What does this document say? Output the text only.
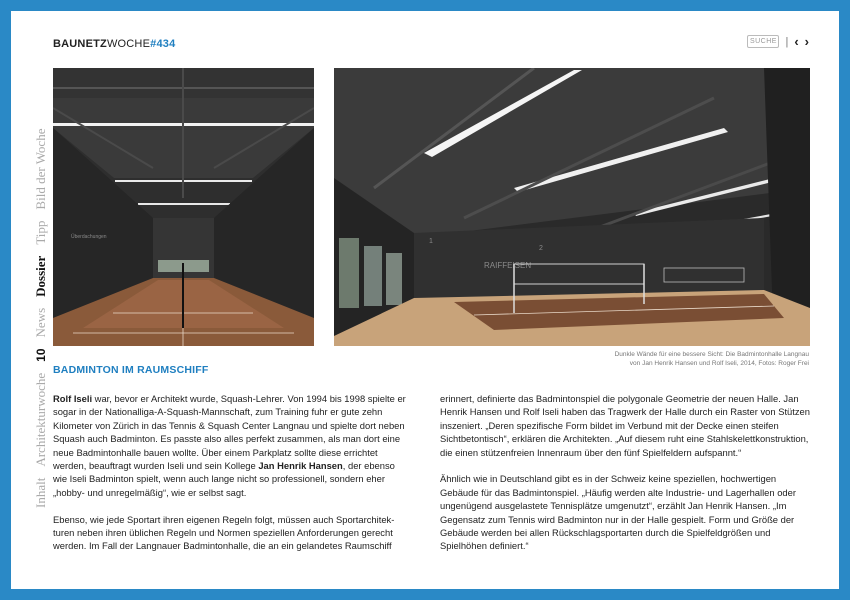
BAUNETZWOCHE#434	SUCHE | ‹ ›
Inhalt
Architekturwoche
10
News
Dossier
Tipp
Bild der Woche
Überdachungen
RAIFFEISEN
1
2
Dunkle Wände für eine bessere Sicht: Die Badmintonhalle Langnau
von Jan Henrik Hansen und Rolf Iseli, 2014, Fotos: Roger Frei
BADMINTON IM RAUMSCHIFF

Rolf Iseli war, bevor er Architekt wurde, Squash-Lehrer. Von 1994 bis 1998 spielte er sogar in der Nationalliga-A-Squash-Mannschaft, zum Training fuhr er gute zehn Kilometer von Zürich in das Tennis & Squash Center Langnau und spielte dort neben Squash auch Badminton. Es passte also alles perfekt zusammen, als man dort eine neue Badmintonhalle bauen wollte. Über einem Parkplatz sollte diese errichtet werden, beauftragt wurden Iseli und sein Kollege Jan Henrik Hansen, der ebenso wie Iseli Badminton spielt, wenn auch lange nicht so professionell, sondern eher „hobby- und unregelmäßig“, wie er selbst sagt.

Ebenso, wie jede Sportart ihren eigenen Regeln folgt, müssen auch Sportarchitekturen neben ihren üblichen Regeln und Normen speziellen Anforderungen gerecht werden. Im Fall der Langnauer Badmintonhalle, die an ein gelandetes Raumschiff

erinnert, definierte das Badmintonspiel die polygonale Geometrie der neuen Halle. Jan Henrik Hansen und Rolf Iseli haben das Tragwerk der Halle durch ein Raster von Stützen inszeniert. „Deren spezifische Form bildet im Verbund mit der Decke einen steifen Sichtbetontisch“, erklären die Architekten. „Auf diesem ruht eine Stahlskelettkonstruktion, die einen stützenfreien Innenraum über den fünf Spielfeldern aufspannt.“

Ähnlich wie in Deutschland gibt es in der Schweiz keine speziellen, hochwertigen Gebäude für das Badmintonspiel. „Häufig werden alte Industrie- und Lagerhallen oder ungenügend ausgelastete Tennisplätze umgenutzt“, erzählt Jan Henrik Hansen. „Im Gegensatz zum Tennis wird Badminton nur in der Halle gespielt. Form und Größe der Gebäude werden bei allen Rückschlagsportarten durch die Spielfeldgrößen und Spielhöhen definiert.“
